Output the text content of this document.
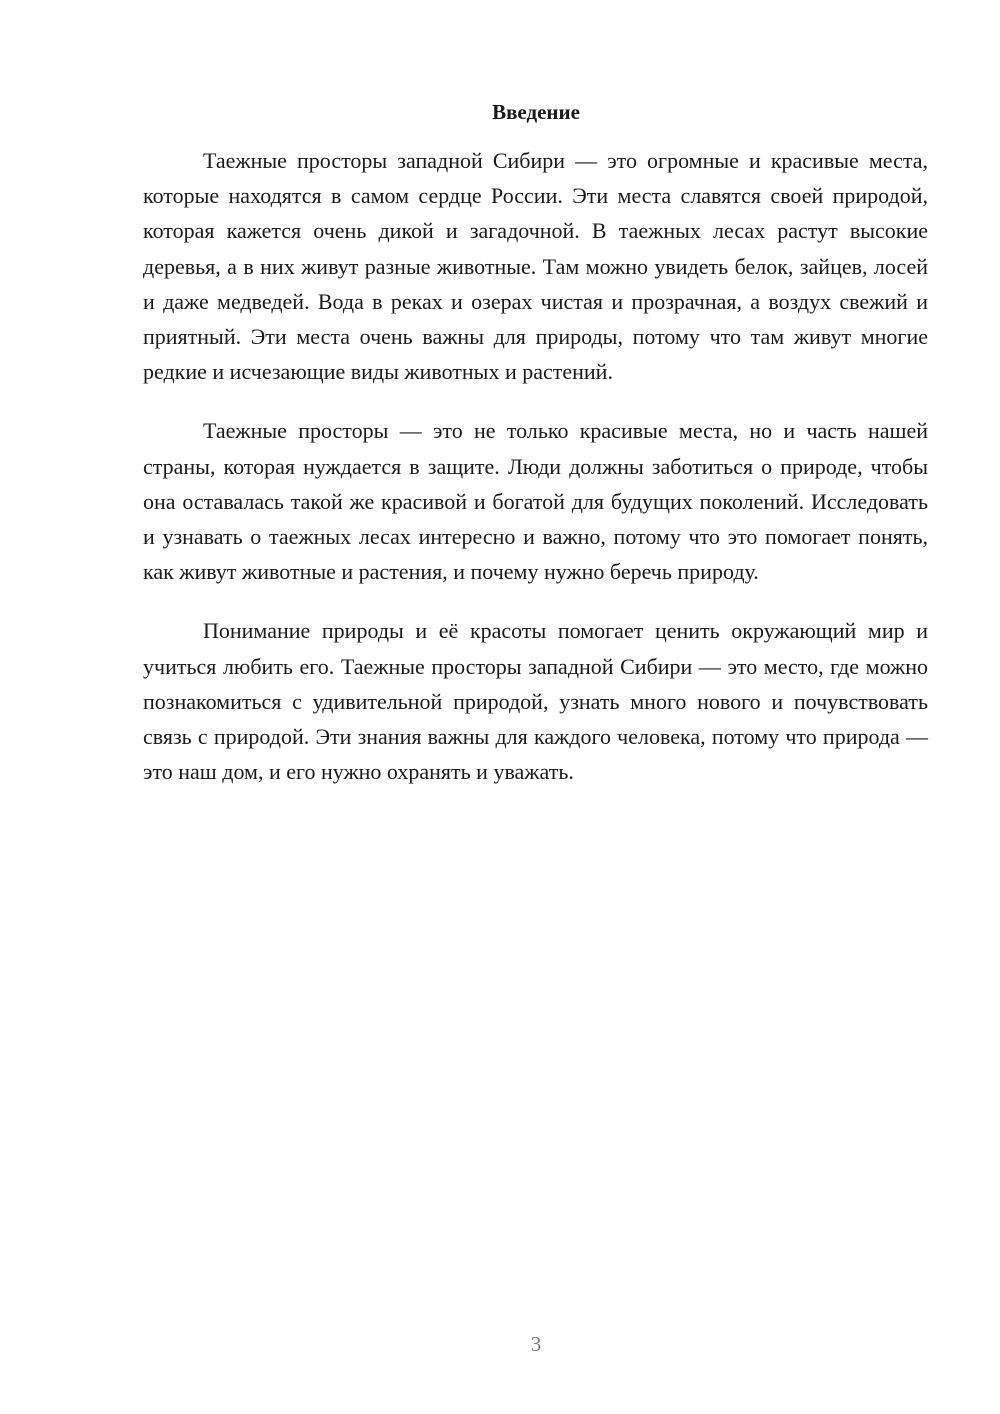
Введение

Таежные просторы западной Сибири — это огромные и красивые места, которые находятся в самом сердце России. Эти места славятся своей природой, которая кажется очень дикой и загадочной. В таежных лесах растут высокие деревья, а в них живут разные животные. Там можно увидеть белок, зайцев, лосей и даже медведей. Вода в реках и озерах чистая и прозрачная, а воздух свежий и приятный. Эти места очень важны для природы, потому что там живут многие редкие и исчезающие виды животных и растений.

Таежные просторы — это не только красивые места, но и часть нашей страны, которая нуждается в защите. Люди должны заботиться о природе, чтобы она оставалась такой же красивой и богатой для будущих поколений. Исследовать и узнавать о таежных лесах интересно и важно, потому что это помогает понять, как живут животные и растения, и почему нужно беречь природу.

Понимание природы и её красоты помогает ценить окружающий мир и учиться любить его. Таежные просторы западной Сибири — это место, где можно познакомиться с удивительной природой, узнать много нового и почувствовать связь с природой. Эти знания важны для каждого человека, потому что природа — это наш дом, и его нужно охранять и уважать.

3
